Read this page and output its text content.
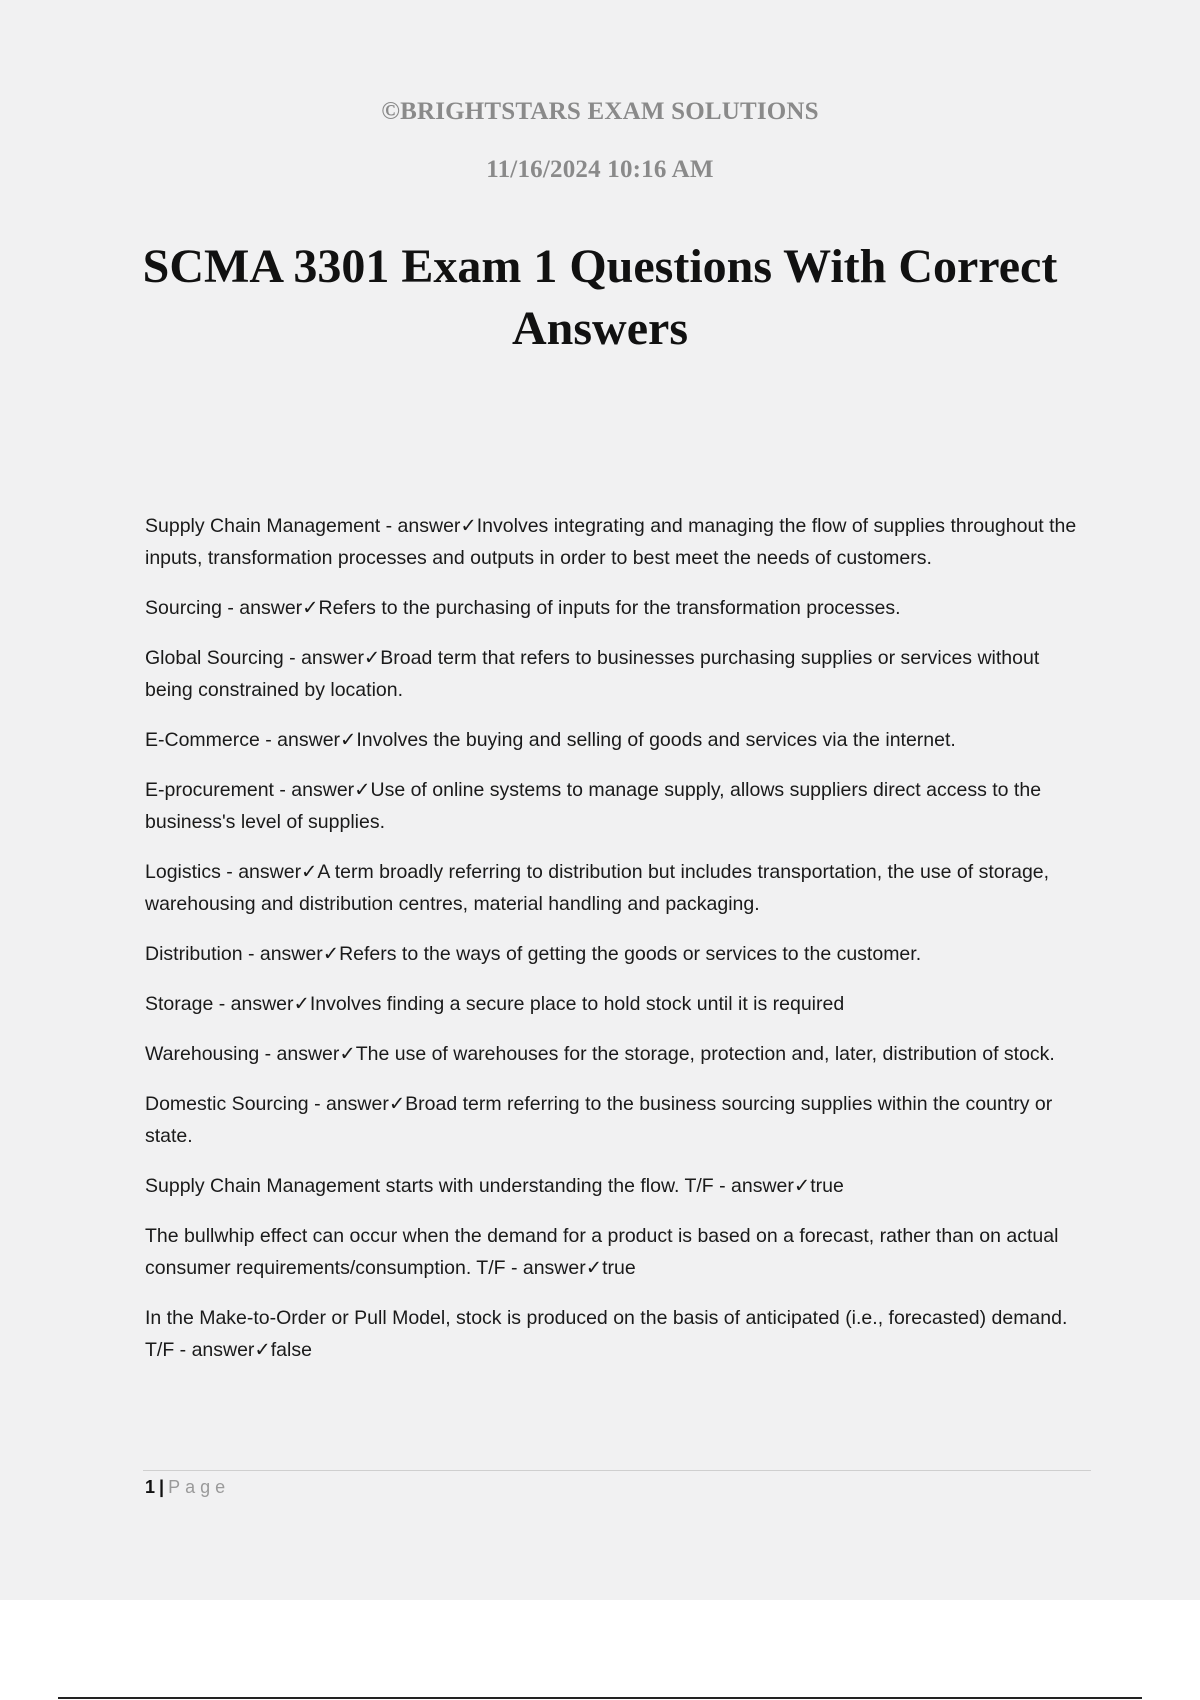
©BRIGHTSTARS EXAM SOLUTIONS
11/16/2024 10:16 AM
SCMA 3301 Exam 1 Questions With Correct Answers

Supply Chain Management - answer✓Involves integrating and managing the flow of supplies throughout the inputs, transformation processes and outputs in order to best meet the needs of customers.

Sourcing - answer✓Refers to the purchasing of inputs for the transformation processes.

Global Sourcing - answer✓Broad term that refers to businesses purchasing supplies or services without being constrained by location.

E-Commerce - answer✓Involves the buying and selling of goods and services via the internet.

E-procurement - answer✓Use of online systems to manage supply, allows suppliers direct access to the business's level of supplies.

Logistics - answer✓A term broadly referring to distribution but includes transportation, the use of storage, warehousing and distribution centres, material handling and packaging.

Distribution - answer✓Refers to the ways of getting the goods or services to the customer.

Storage - answer✓Involves finding a secure place to hold stock until it is required

Warehousing - answer✓The use of warehouses for the storage, protection and, later, distribution of stock.

Domestic Sourcing - answer✓Broad term referring to the business sourcing supplies within the country or state.

Supply Chain Management starts with understanding the flow. T/F - answer✓true

The bullwhip effect can occur when the demand for a product is based on a forecast, rather than on actual consumer requirements/consumption. T/F - answer✓true

In the Make-to-Order or Pull Model, stock is produced on the basis of anticipated (i.e., forecasted) demand. T/F - answer✓false

1 | Page
